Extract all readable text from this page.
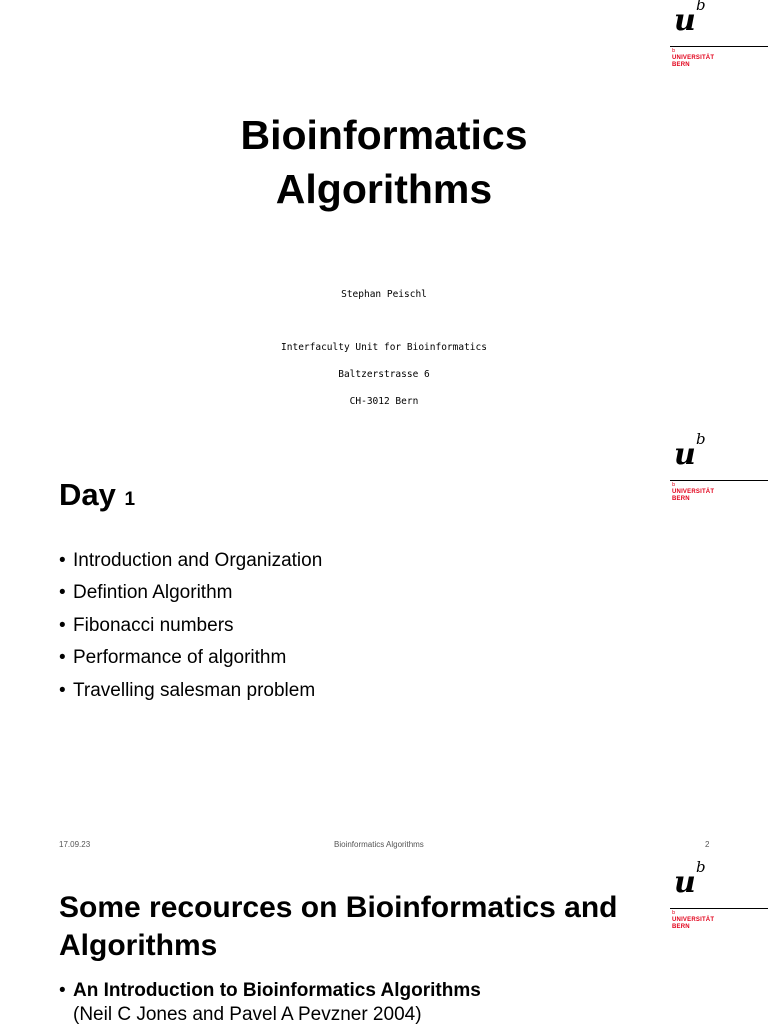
u b
b
UNIVERSITÄT
BERN
Bioinformatics
Algorithms

Stephan Peischl

Interfaculty Unit for Bioinformatics

Baltzerstrasse 6

CH-3012 Bern

u b
b
UNIVERSITÄT
BERN
Day 1
• Introduction and Organization
• Defintion Algorithm
• Fibonacci numbers
• Performance of algorithm
• Travelling salesman problem
17.09.23	Bioinformatics Algorithms	2
u b
b
UNIVERSITÄT
BERN
Some recources on Bioinformatics and
Algorithms
• An Introduction to Bioinformatics Algorithms
(Neil C Jones and Pavel A Pevzner 2004)
